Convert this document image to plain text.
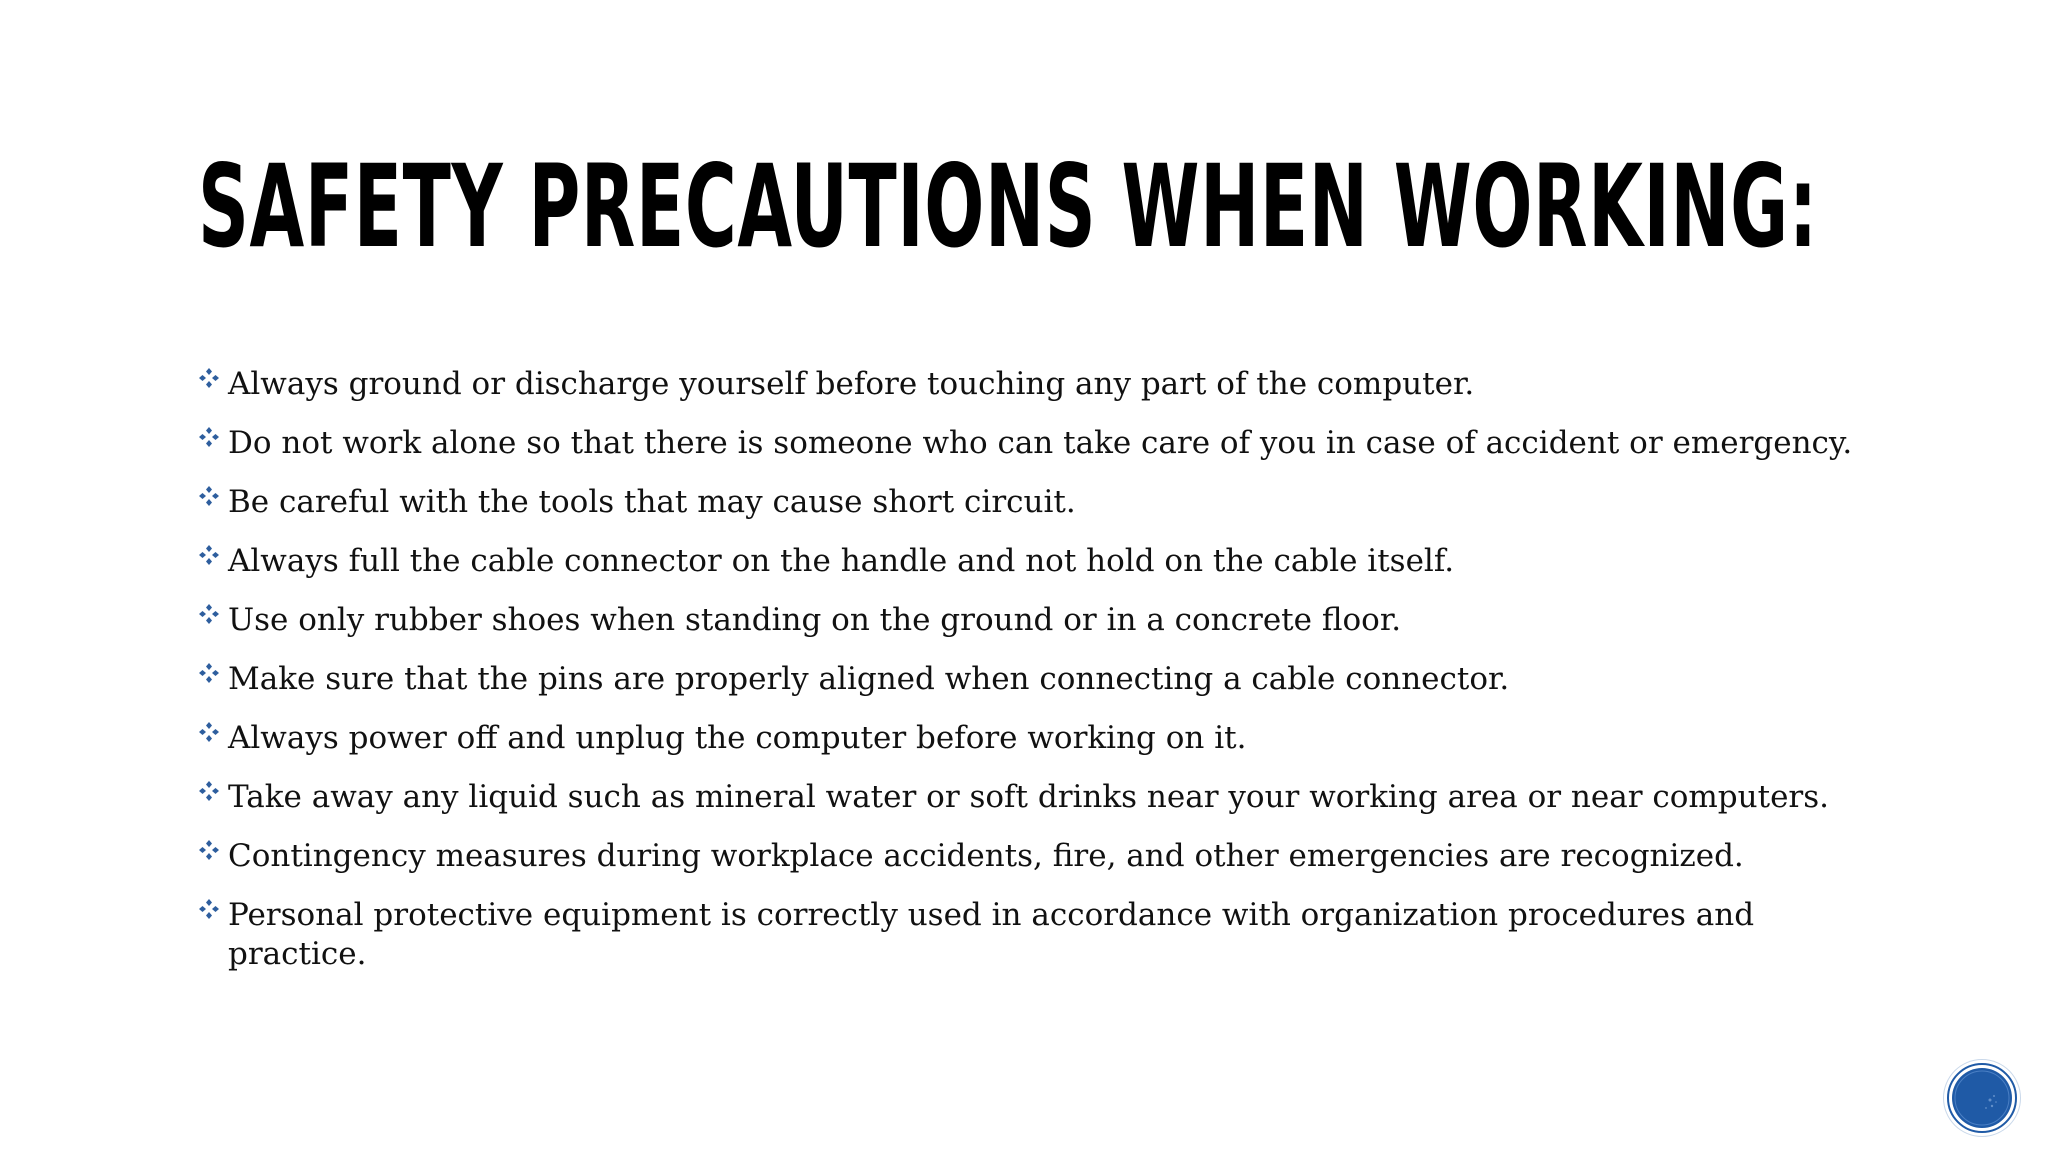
SAFETY PRECAUTIONS WHEN WORKING:
Always ground or discharge yourself before touching any part of the computer.
Do not work alone so that there is someone who can take care of you in case of accident or emergency.
Be careful with the tools that may cause short circuit.
Always full the cable connector on the handle and not hold on the cable itself.
Use only rubber shoes when standing on the ground or in a concrete floor.
Make sure that the pins are properly aligned when connecting a cable connector.
Always power off and unplug the computer before working on it.
Take away any liquid such as mineral water or soft drinks near your working area or near computers.
Contingency measures during workplace accidents, fire, and other emergencies are recognized.
Personal protective equipment is correctly used in accordance with organization procedures and practice.
